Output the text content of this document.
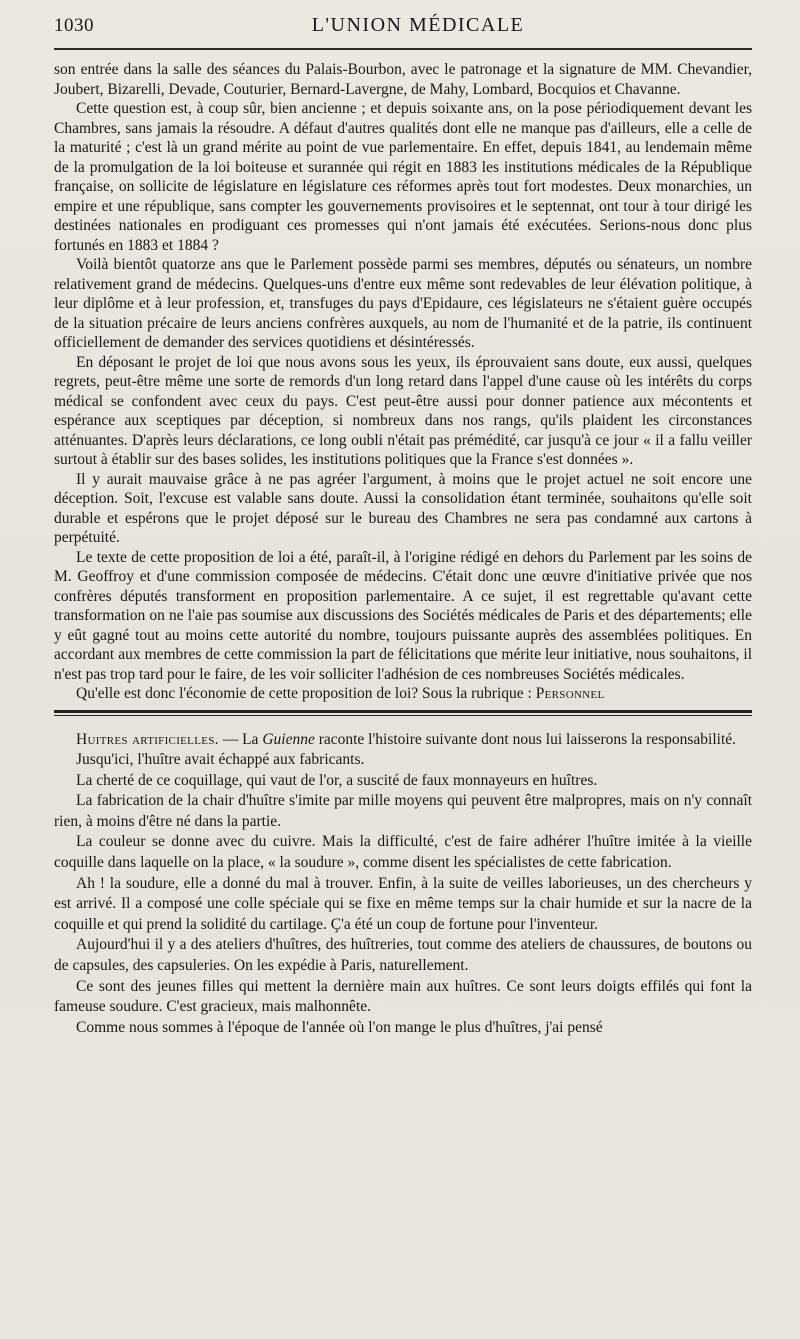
1030	L'UNION MÉDICALE

son entrée dans la salle des séances du Palais-Bourbon, avec le patronage et la signature de MM. Chevandier, Joubert, Bizarelli, Devade, Couturier, Bernard-Lavergne, de Mahy, Lombard, Bocquios et Chavanne.

Cette question est, à coup sûr, bien ancienne ; et depuis soixante ans, on la pose périodiquement devant les Chambres, sans jamais la résoudre. A défaut d'autres qualités dont elle ne manque pas d'ailleurs, elle a celle de la maturité ; c'est là un grand mérite au point de vue parlementaire. En effet, depuis 1841, au lendemain même de la promulgation de la loi boiteuse et surannée qui régit en 1883 les institutions médicales de la République française, on sollicite de législature en législature ces réformes après tout fort modestes. Deux monarchies, un empire et une république, sans compter les gouvernements provisoires et le septennat, ont tour à tour dirigé les destinées nationales en prodiguant ces promesses qui n'ont jamais été exécutées. Serions-nous donc plus fortunés en 1883 et 1884 ?

Voilà bientôt quatorze ans que le Parlement possède parmi ses membres, députés ou sénateurs, un nombre relativement grand de médecins. Quelques-uns d'entre eux même sont redevables de leur élévation politique, à leur diplôme et à leur profession, et, transfuges du pays d'Epidaure, ces législateurs ne s'étaient guère occupés de la situation précaire de leurs anciens confrères auxquels, au nom de l'humanité et de la patrie, ils continuent officiellement de demander des services quotidiens et désintéressés.

En déposant le projet de loi que nous avons sous les yeux, ils éprouvaient sans doute, eux aussi, quelques regrets, peut-être même une sorte de remords d'un long retard dans l'appel d'une cause où les intérêts du corps médical se confondent avec ceux du pays. C'est peut-être aussi pour donner patience aux mécontents et espérance aux sceptiques par déception, si nombreux dans nos rangs, qu'ils plaident les circonstances atténuantes. D'après leurs déclarations, ce long oubli n'était pas prémédité, car jusqu'à ce jour « il a fallu veiller surtout à établir sur des bases solides, les institutions politiques que la France s'est données ».

Il y aurait mauvaise grâce à ne pas agréer l'argument, à moins que le projet actuel ne soit encore une déception. Soit, l'excuse est valable sans doute. Aussi la consolidation étant terminée, souhaitons qu'elle soit durable et espérons que le projet déposé sur le bureau des Chambres ne sera pas condamné aux cartons à perpétuité.

Le texte de cette proposition de loi a été, paraît-il, à l'origine rédigé en dehors du Parlement par les soins de M. Geoffroy et d'une commission composée de médecins. C'était donc une œuvre d'initiative privée que nos confrères députés transforment en proposition parlementaire. A ce sujet, il est regrettable qu'avant cette transformation on ne l'aie pas soumise aux discussions des Sociétés médicales de Paris et des départements; elle y eût gagné tout au moins cette autorité du nombre, toujours puissante auprès des assemblées politiques. En accordant aux membres de cette commission la part de félicitations que mérite leur initiative, nous souhaitons, il n'est pas trop tard pour le faire, de les voir solliciter l'adhésion de ces nombreuses Sociétés médicales.

Qu'elle est donc l'économie de cette proposition de loi? Sous la rubrique : Personnel

Huitres artificielles. — La Guienne raconte l'histoire suivante dont nous lui laisserons la responsabilité.

Jusqu'ici, l'huître avait échappé aux fabricants.

La cherté de ce coquillage, qui vaut de l'or, a suscité de faux monnayeurs en huîtres.

La fabrication de la chair d'huître s'imite par mille moyens qui peuvent être malpropres, mais on n'y connaît rien, à moins d'être né dans la partie.

La couleur se donne avec du cuivre. Mais la difficulté, c'est de faire adhérer l'huître imitée à la vieille coquille dans laquelle on la place, « la soudure », comme disent les spécialistes de cette fabrication.

Ah ! la soudure, elle a donné du mal à trouver. Enfin, à la suite de veilles laborieuses, un des chercheurs y est arrivé. Il a composé une colle spéciale qui se fixe en même temps sur la chair humide et sur la nacre de la coquille et qui prend la solidité du cartilage. Ç'a été un coup de fortune pour l'inventeur.

Aujourd'hui il y a des ateliers d'huîtres, des huîtreries, tout comme des ateliers de chaussures, de boutons ou de capsules, des capsuleries. On les expédie à Paris, naturellement.

Ce sont des jeunes filles qui mettent la dernière main aux huîtres. Ce sont leurs doigts effilés qui font la fameuse soudure. C'est gracieux, mais malhonnête.

Comme nous sommes à l'époque de l'année où l'on mange le plus d'huîtres, j'ai pensé
